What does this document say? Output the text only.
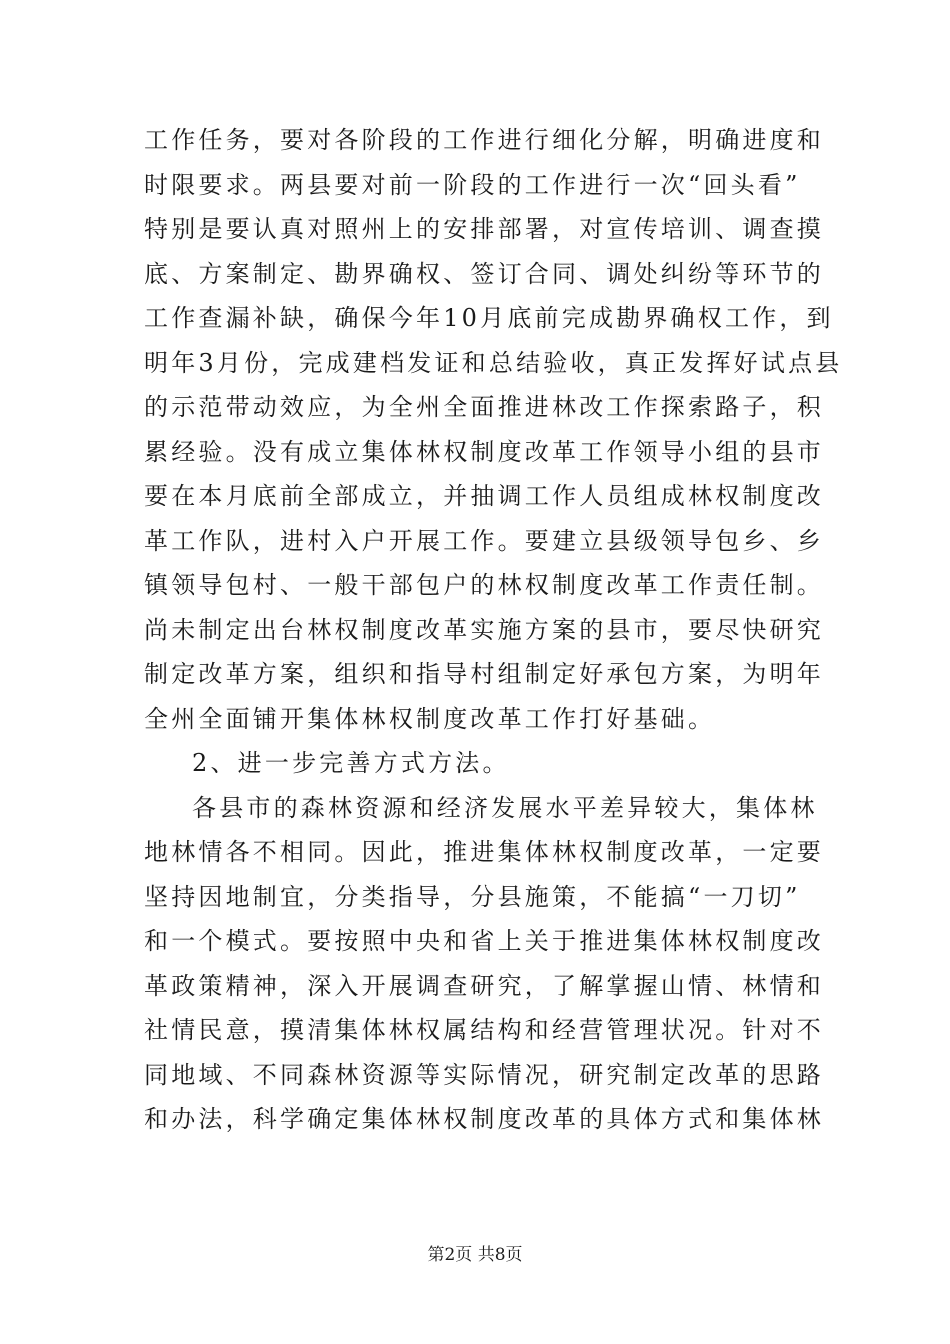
工作任务，要对各阶段的工作进行细化分解，明确进度和
时限要求。两县要对前一阶段的工作进行一次“回头看”
特别是要认真对照州上的安排部署，对宣传培训、调查摸
底、方案制定、勘界确权、签订合同、调处纠纷等环节的
工作查漏补缺，确保今年10月底前完成勘界确权工作，到
明年3月份，完成建档发证和总结验收，真正发挥好试点县
的示范带动效应，为全州全面推进林改工作探索路子，积
累经验。没有成立集体林权制度改革工作领导小组的县市
要在本月底前全部成立，并抽调工作人员组成林权制度改
革工作队，进村入户开展工作。要建立县级领导包乡、乡
镇领导包村、一般干部包户的林权制度改革工作责任制。
尚未制定出台林权制度改革实施方案的县市，要尽快研究
制定改革方案，组织和指导村组制定好承包方案，为明年
全州全面铺开集体林权制度改革工作打好基础。
2、进一步完善方式方法。
各县市的森林资源和经济发展水平差异较大，集体林
地林情各不相同。因此，推进集体林权制度改革，一定要
坚持因地制宜，分类指导，分县施策，不能搞“一刀切”
和一个模式。要按照中央和省上关于推进集体林权制度改
革政策精神，深入开展调查研究，了解掌握山情、林情和
社情民意，摸清集体林权属结构和经营管理状况。针对不
同地域、不同森林资源等实际情况，研究制定改革的思路
和办法，科学确定集体林权制度改革的具体方式和集体林
第2页 共8页
